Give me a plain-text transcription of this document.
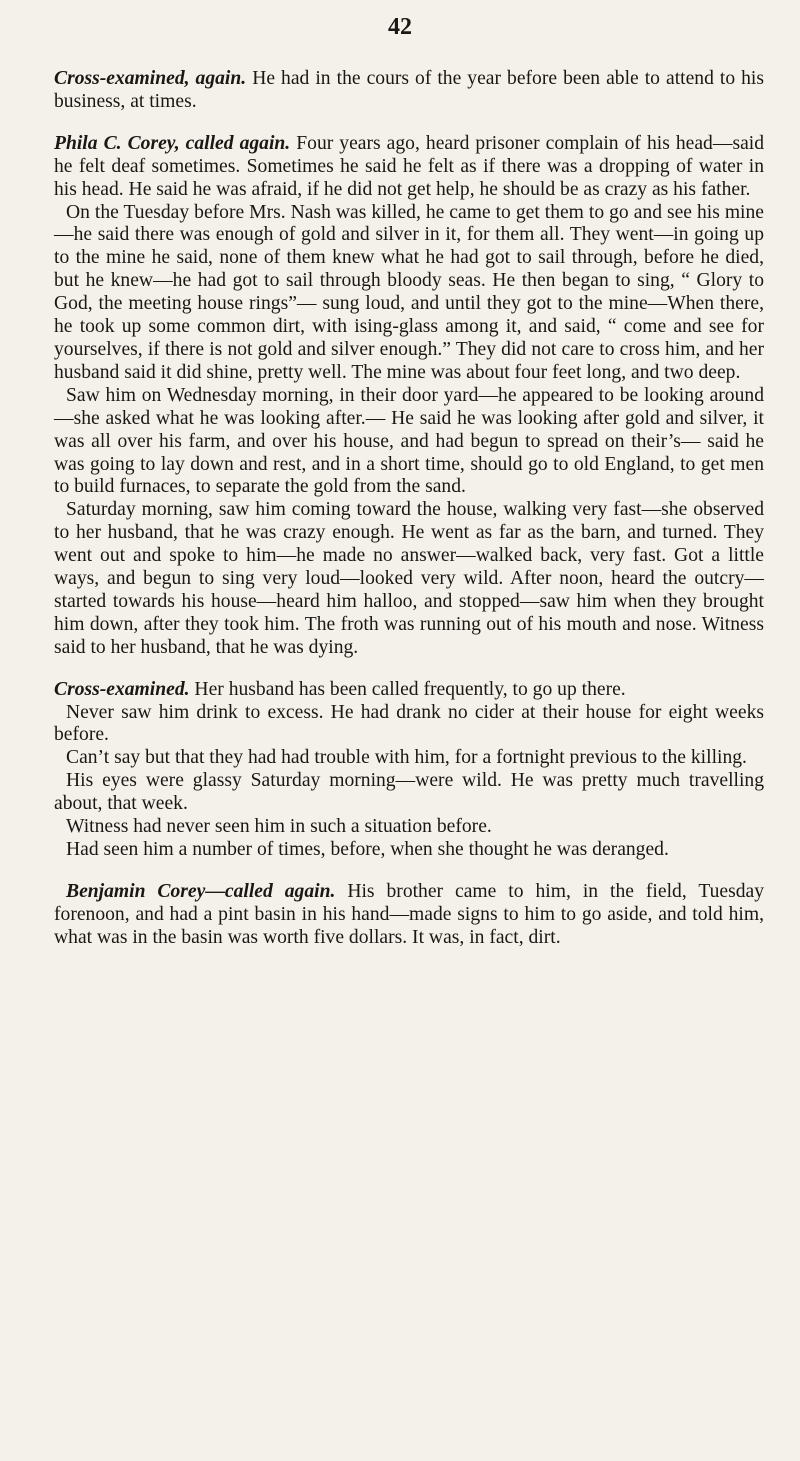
42

Cross-examined, again. He had in the cours of the year before been able to attend to his business, at times.

Phila C. Corey, called again. Four years ago, heard prisoner complain of his head—said he felt deaf sometimes. Sometimes he said he felt as if there was a dropping of water in his head. He said he was afraid, if he did not get help, he should be as crazy as his father.

On the Tuesday before Mrs. Nash was killed, he came to get them to go and see his mine—he said there was enough of gold and silver in it, for them all. They went—in going up to the mine he said, none of them knew what he had got to sail through, before he died, but he knew—he had got to sail through bloody seas. He then began to sing, “ Glory to God, the meeting house rings”— sung loud, and until they got to the mine—When there, he took up some common dirt, with ising-glass among it, and said, “ come and see for yourselves, if there is not gold and silver enough.” They did not care to cross him, and her husband said it did shine, pretty well. The mine was about four feet long, and two deep.

Saw him on Wednesday morning, in their door yard—he appeared to be looking around—she asked what he was looking after.— He said he was looking after gold and silver, it was all over his farm, and over his house, and had begun to spread on their’s— said he was going to lay down and rest, and in a short time, should go to old England, to get men to build furnaces, to separate the gold from the sand.

Saturday morning, saw him coming toward the house, walking very fast—she observed to her husband, that he was crazy enough. He went as far as the barn, and turned. They went out and spoke to him—he made no answer—walked back, very fast. Got a little ways, and begun to sing very loud—looked very wild. After noon, heard the outcry—started towards his house—heard him halloo, and stopped—saw him when they brought him down, after they took him. The froth was running out of his mouth and nose. Witness said to her husband, that he was dying.

Cross-examined. Her husband has been called frequently, to go up there.

Never saw him drink to excess. He had drank no cider at their house for eight weeks before.

Can’t say but that they had had trouble with him, for a fortnight previous to the killing.

His eyes were glassy Saturday morning—were wild. He was pretty much travelling about, that week.

Witness had never seen him in such a situation before.

Had seen him a number of times, before, when she thought he was deranged.

Benjamin Corey—called again. His brother came to him, in the field, Tuesday forenoon, and had a pint basin in his hand—made signs to him to go aside, and told him, what was in the basin was worth five dollars. It was, in fact, dirt.
